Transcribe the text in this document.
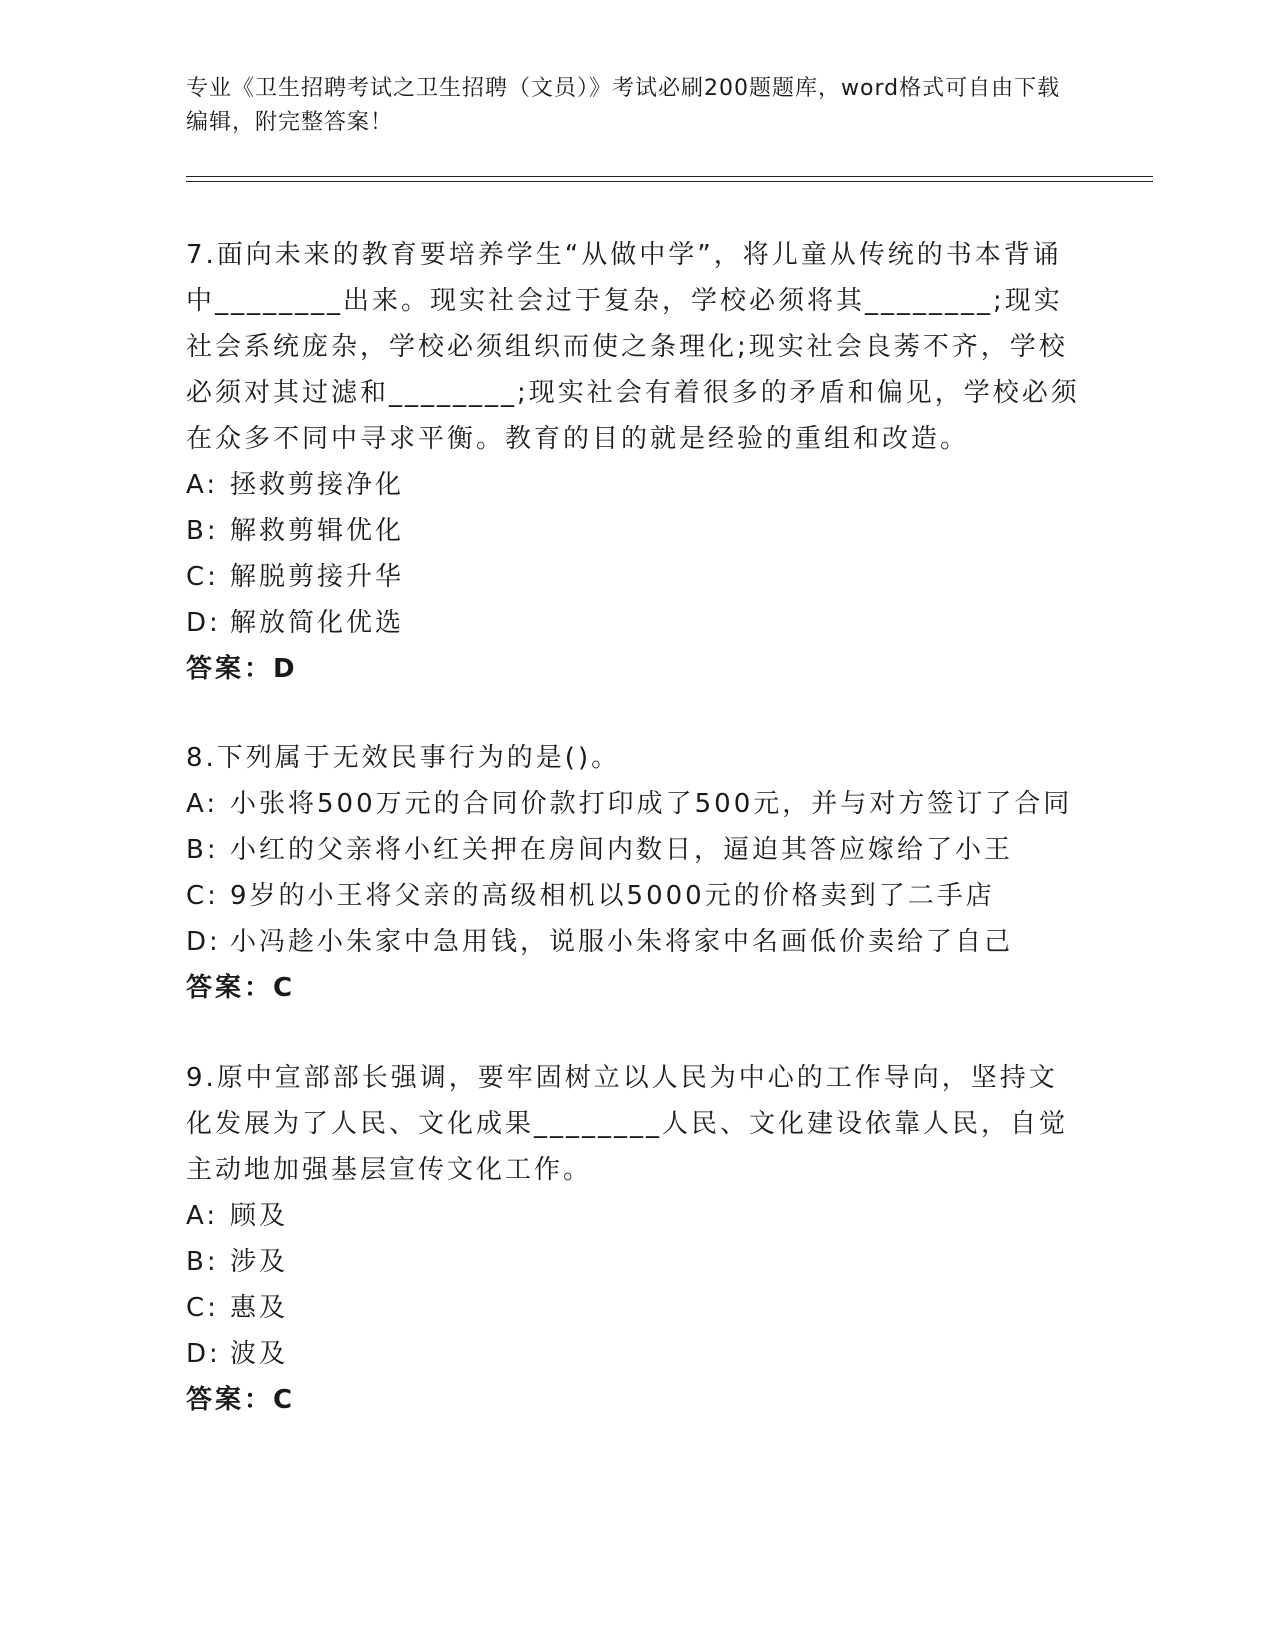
专业《卫生招聘考试之卫生招聘（文员）》考试必刷200题题库，word格式可自由下载编辑，附完整答案！

7.面向未来的教育要培养学生“从做中学”，将儿童从传统的书本背诵中________出来。现实社会过于复杂，学校必须将其________;现实社会系统庞杂，学校必须组织而使之条理化;现实社会良莠不齐，学校必须对其过滤和________;现实社会有着很多的矛盾和偏见，学校必须在众多不同中寻求平衡。教育的目的就是经验的重组和改造。

A: 拯救剪接净化
B: 解救剪辑优化
C: 解脱剪接升华
D: 解放简化优选

答案：D

8.下列属于无效民事行为的是()。

A: 小张将500万元的合同价款打印成了500元，并与对方签订了合同
B: 小红的父亲将小红关押在房间内数日，逼迫其答应嫁给了小王
C: 9岁的小王将父亲的高级相机以5000元的价格卖到了二手店
D: 小冯趁小朱家中急用钱，说服小朱将家中名画低价卖给了自己

答案：C

9.原中宣部部长强调，要牢固树立以人民为中心的工作导向，坚持文化发展为了人民、文化成果________人民、文化建设依靠人民，自觉主动地加强基层宣传文化工作。

A: 顾及
B: 涉及
C: 惠及
D: 波及

答案：C
